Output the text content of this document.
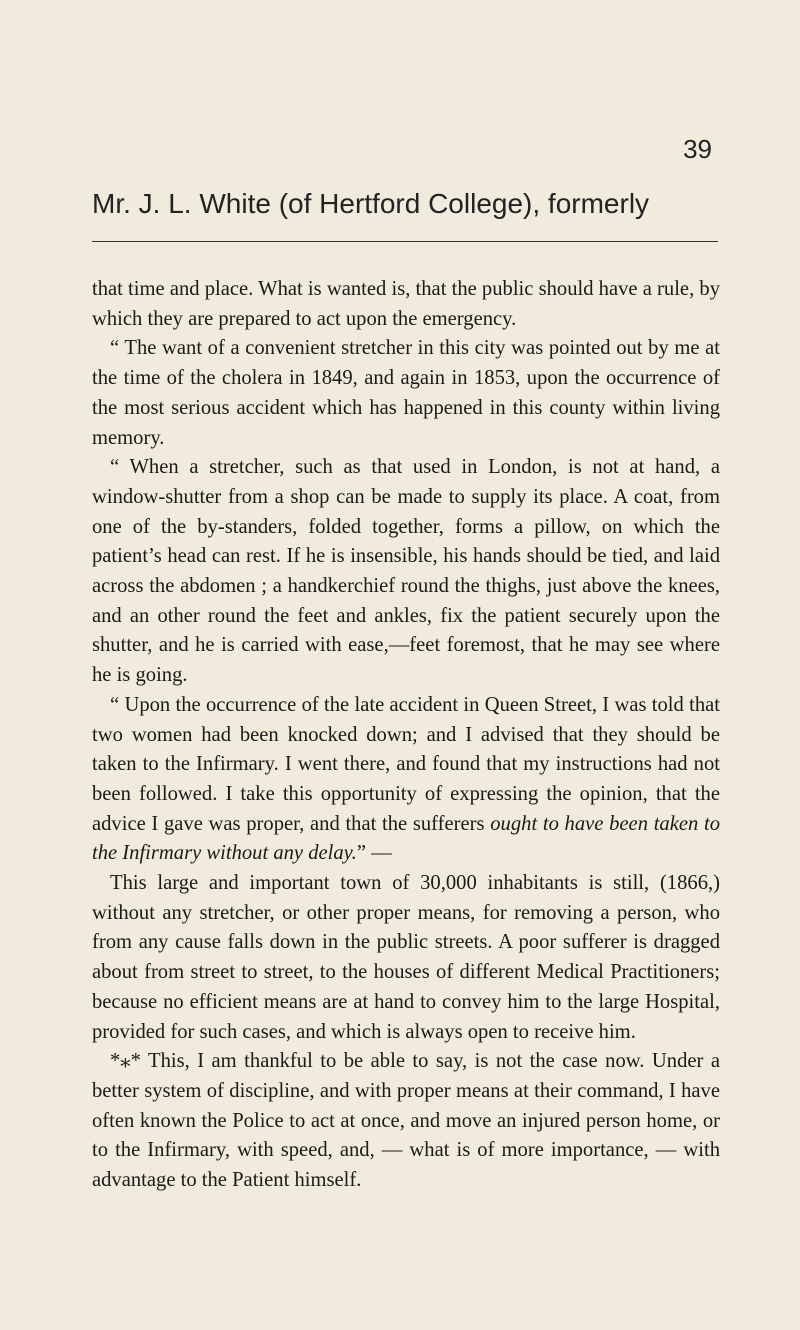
39
Mr. J. L. White (of Hertford College), formerly

that time and place. What is wanted is, that the public should have a rule, by which they are prepared to act upon the emergency.

“ The want of a convenient stretcher in this city was pointed out by me at the time of the cholera in 1849, and again in 1853, upon the occurrence of the most serious accident which has happened in this county within living memory.

“ When a stretcher, such as that used in London, is not at hand, a window-shutter from a shop can be made to supply its place. A coat, from one of the by-standers, folded together, forms a pillow, on which the patient’s head can rest. If he is insensible, his hands should be tied, and laid across the abdomen ; a handkerchief round the thighs, just above the knees, and an other round the feet and ankles, fix the patient securely upon the shutter, and he is carried with ease,—feet foremost, that he may see where he is going.

“ Upon the occurrence of the late accident in Queen Street, I was told that two women had been knocked down; and I advised that they should be taken to the Infirmary. I went there, and found that my instructions had not been followed. I take this opportunity of expressing the opinion, that the advice I gave was proper, and that the sufferers ought to have been taken to the Infirmary without any delay.” —

This large and important town of 30,000 inhabitants is still, (1866,) without any stretcher, or other proper means, for removing a person, who from any cause falls down in the public streets. A poor sufferer is dragged about from street to street, to the houses of different Medical Practitioners; because no efficient means are at hand to convey him to the large Hospital, provided for such cases, and which is always open to receive him.

*⁎* This, I am thankful to be able to say, is not the case now. Under a better system of discipline, and with proper means at their command, I have often known the Police to act at once, and move an injured person home, or to the Infirmary, with speed, and, — what is of more importance, — with advantage to the Patient himself.
